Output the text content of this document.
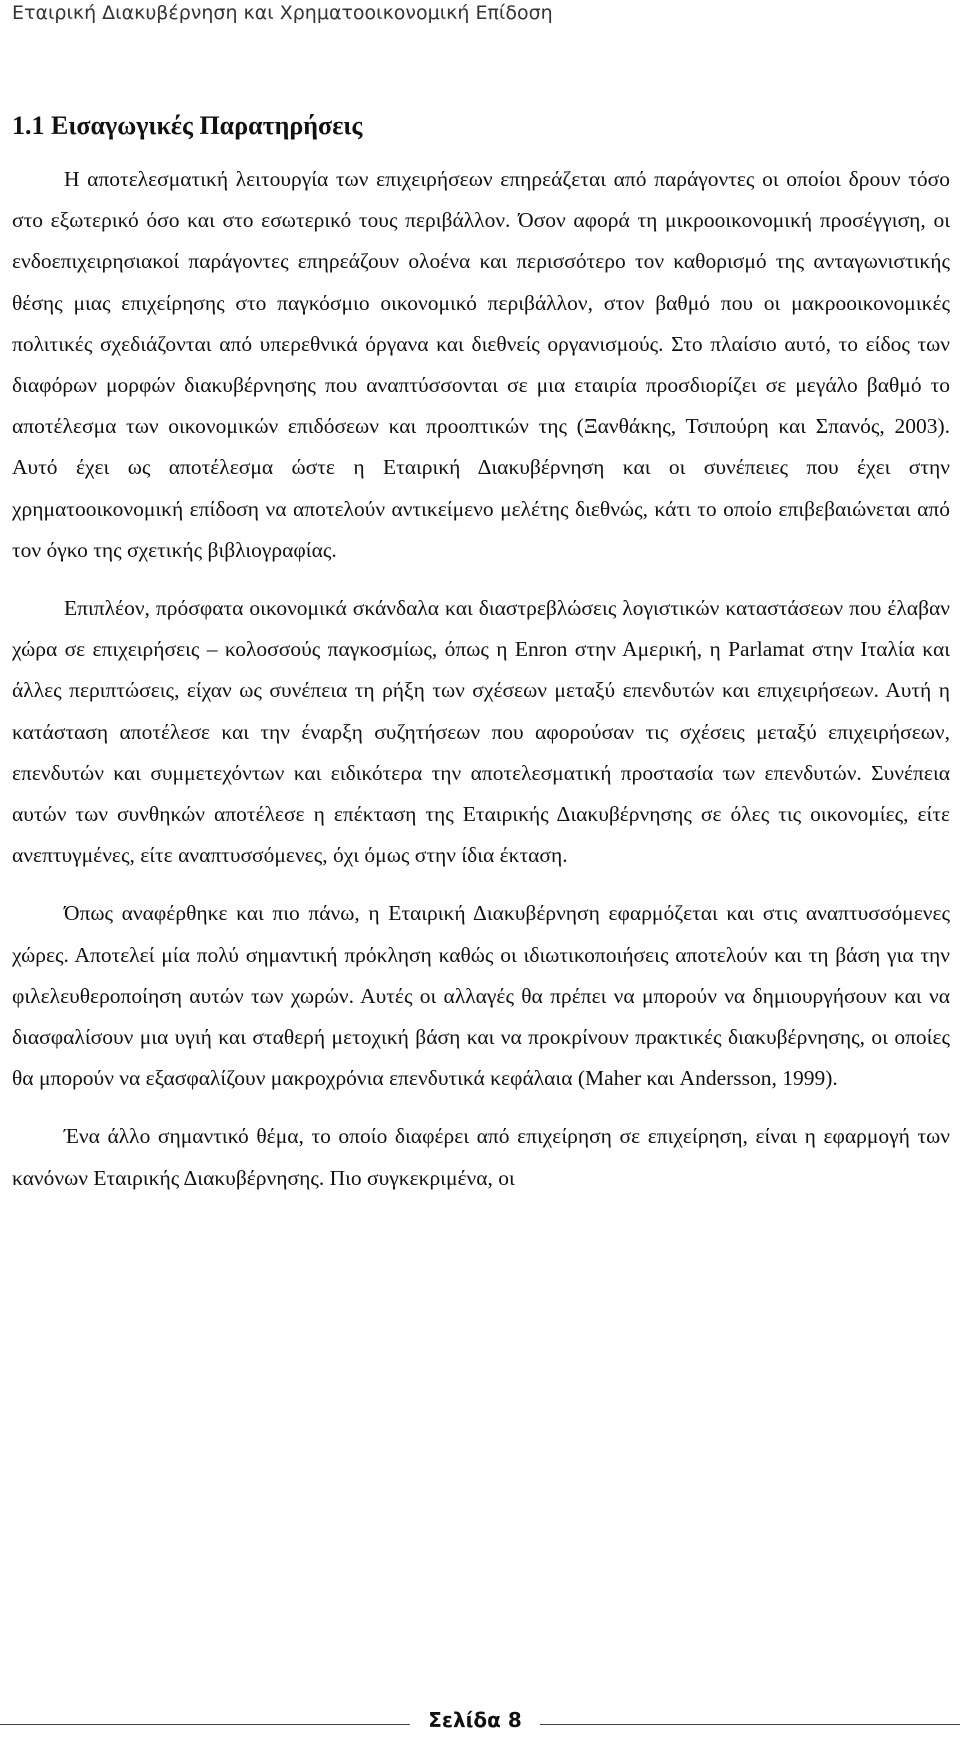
Εταιρική Διακυβέρνηση και Χρηματοοικονομική Επίδοση
1.1 Εισαγωγικές Παρατηρήσεις

Η αποτελεσματική λειτουργία των επιχειρήσεων επηρεάζεται από παράγοντες οι οποίοι δρουν τόσο στο εξωτερικό όσο και στο εσωτερικό τους περιβάλλον. Όσον αφορά τη μικροοικονομική προσέγγιση, οι ενδοεπιχειρησιακοί παράγοντες επηρεάζουν ολοένα και περισσότερο τον καθορισμό της ανταγωνιστικής θέσης μιας επιχείρησης στο παγκόσμιο οικονομικό περιβάλλον, στον βαθμό που οι μακροοικονομικές πολιτικές σχεδιάζονται από υπερεθνικά όργανα και διεθνείς οργανισμούς. Στο πλαίσιο αυτό, το είδος των διαφόρων μορφών διακυβέρνησης που αναπτύσσονται σε μια εταιρία προσδιορίζει σε μεγάλο βαθμό το αποτέλεσμα των οικονομικών επιδόσεων και προοπτικών της (Ξανθάκης, Τσιπούρη και Σπανός, 2003). Αυτό έχει ως αποτέλεσμα ώστε η Εταιρική Διακυβέρνηση και οι συνέπειες που έχει στην χρηματοοικονομική επίδοση να αποτελούν αντικείμενο μελέτης διεθνώς, κάτι το οποίο επιβεβαιώνεται από τον όγκο της σχετικής βιβλιογραφίας.

Επιπλέον, πρόσφατα οικονομικά σκάνδαλα και διαστρεβλώσεις λογιστικών καταστάσεων που έλαβαν χώρα σε επιχειρήσεις – κολοσσούς παγκοσμίως, όπως η Enron στην Αμερική, η Parlamat στην Ιταλία και άλλες περιπτώσεις, είχαν ως συνέπεια τη ρήξη των σχέσεων μεταξύ επενδυτών και επιχειρήσεων. Αυτή η κατάσταση αποτέλεσε και την έναρξη συζητήσεων που αφορούσαν τις σχέσεις μεταξύ επιχειρήσεων, επενδυτών και συμμετεχόντων και ειδικότερα την αποτελεσματική προστασία των επενδυτών. Συνέπεια αυτών των συνθηκών αποτέλεσε η επέκταση της Εταιρικής Διακυβέρνησης σε όλες τις οικονομίες, είτε ανεπτυγμένες, είτε αναπτυσσόμενες, όχι όμως στην ίδια έκταση.

Όπως αναφέρθηκε και πιο πάνω, η Εταιρική Διακυβέρνηση εφαρμόζεται και στις αναπτυσσόμενες χώρες. Αποτελεί μία πολύ σημαντική πρόκληση καθώς οι ιδιωτικοποιήσεις αποτελούν και τη βάση για την φιλελευθεροποίηση αυτών των χωρών. Αυτές οι αλλαγές θα πρέπει να μπορούν να δημιουργήσουν και να διασφαλίσουν μια υγιή και σταθερή μετοχική βάση και να προκρίνουν πρακτικές διακυβέρνησης, οι οποίες θα μπορούν να εξασφαλίζουν μακροχρόνια επενδυτικά κεφάλαια (Maher και Andersson, 1999).

Ένα άλλο σημαντικό θέμα, το οποίο διαφέρει από επιχείρηση σε επιχείρηση, είναι η εφαρμογή των κανόνων Εταιρικής Διακυβέρνησης. Πιο συγκεκριμένα, οι

Σελίδα 8
